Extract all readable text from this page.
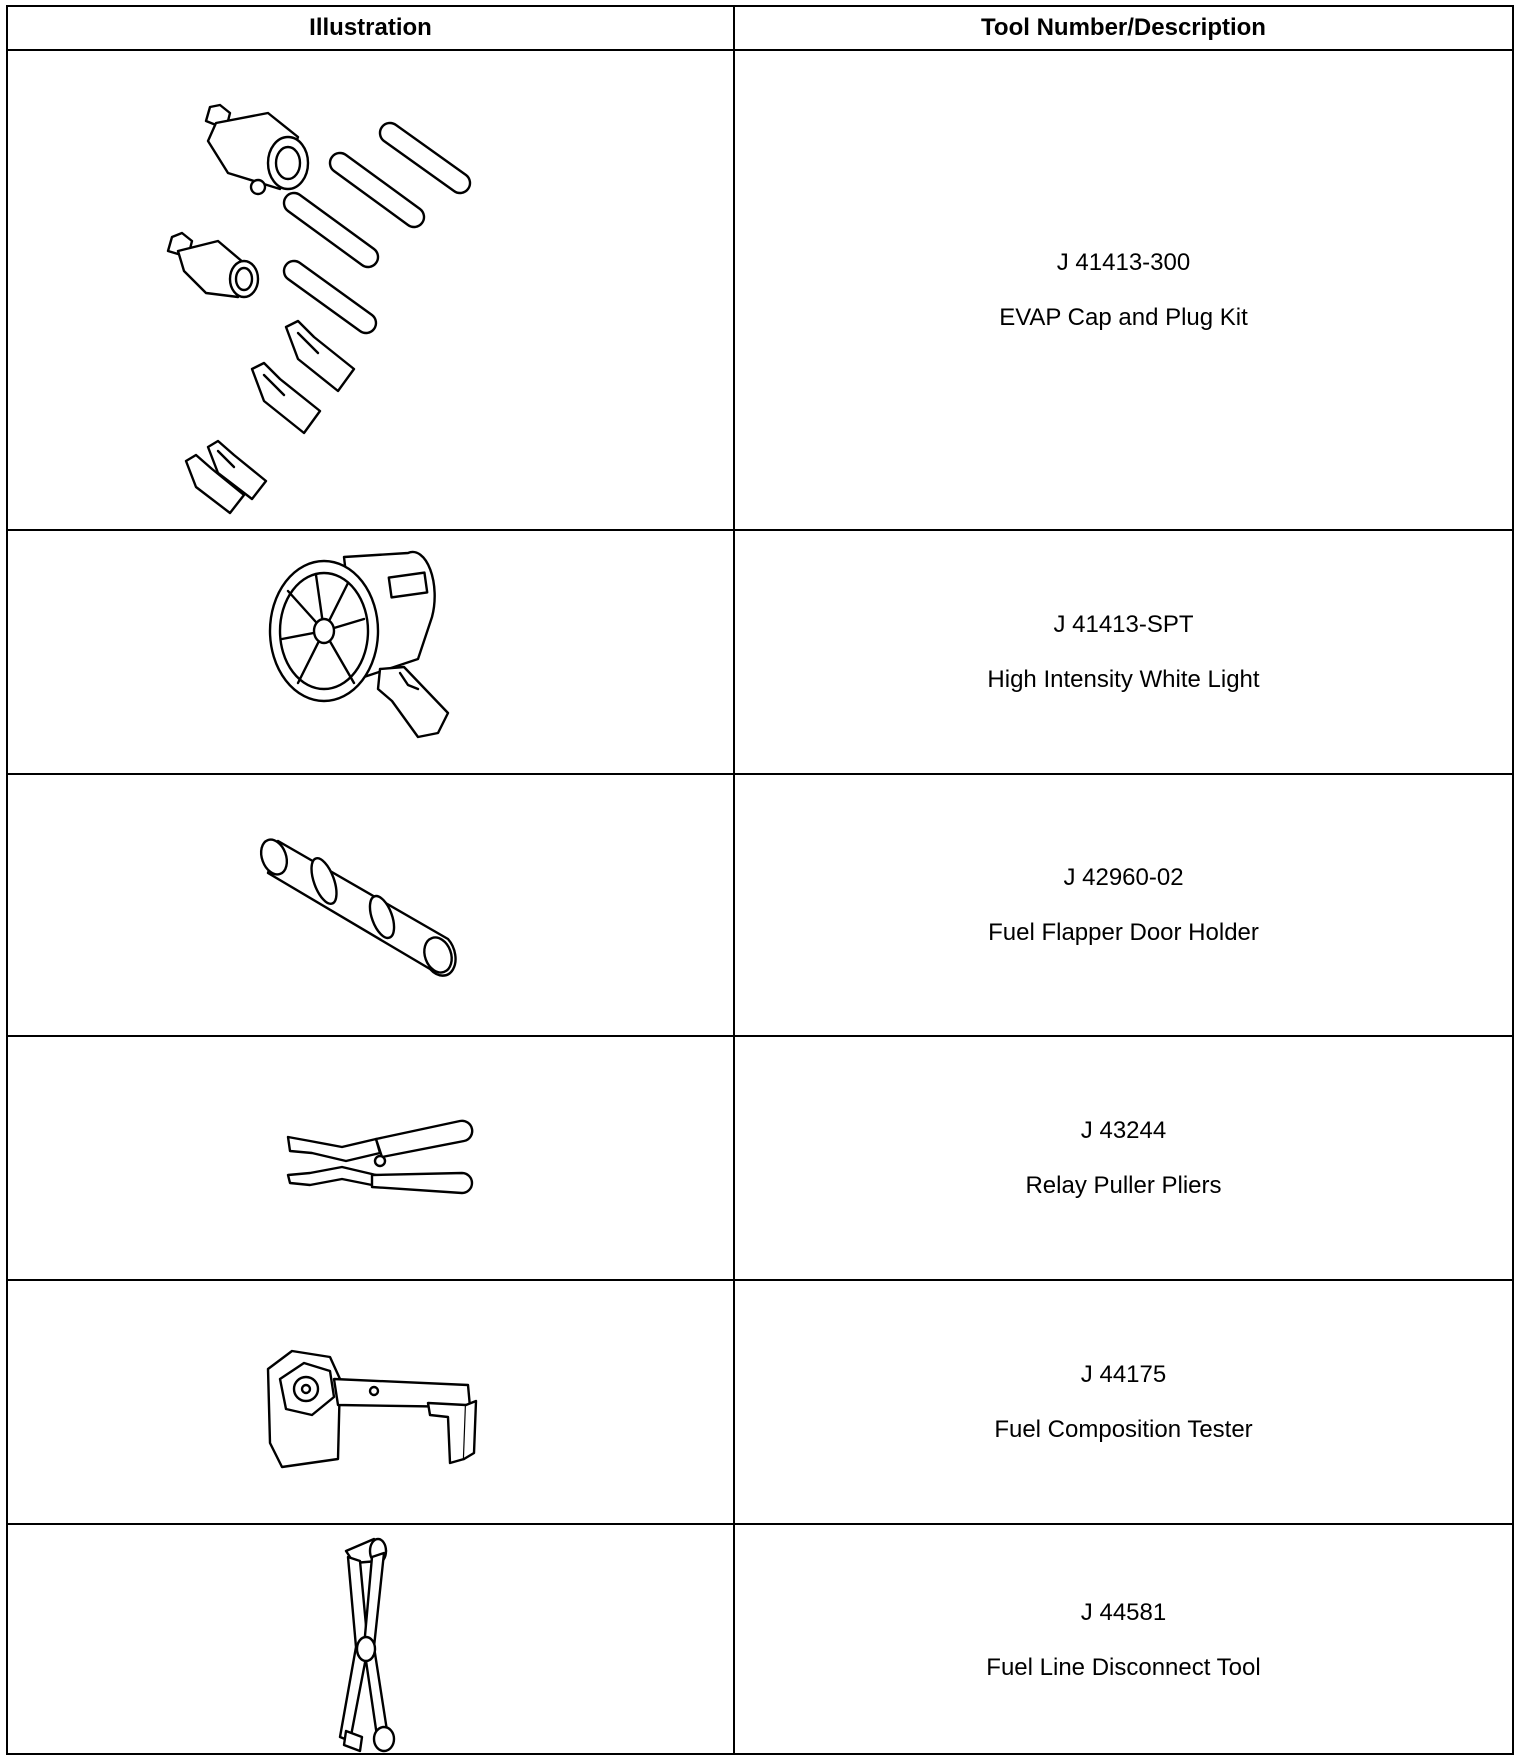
Illustration	Tool Number/Description
J 41413-300
EVAP Cap and Plug Kit
J 41413-SPT
High Intensity White Light
J 42960-02
Fuel Flapper Door Holder
J 43244
Relay Puller Pliers
J 44175
Fuel Composition Tester
J 44581
Fuel Line Disconnect Tool
